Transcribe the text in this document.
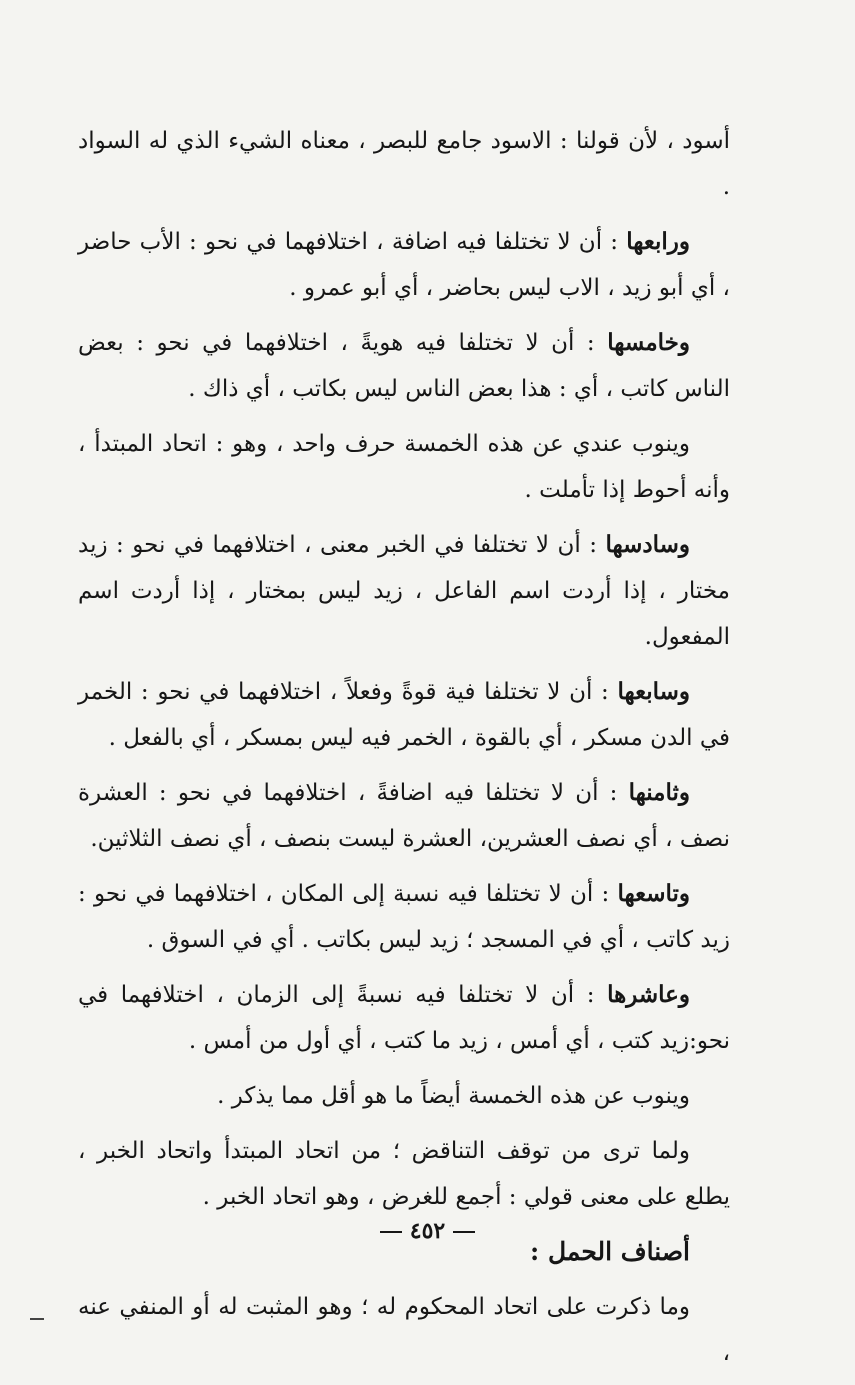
أسود ، لأن قولنا : الاسود جامع للبصر ، معناه الشيء الذي له السواد .

ورابعها : أن لا تختلفا فيه اضافة ، اختلافهما في نحو : الأب حاضر ، أي أبو زيد ، الاب ليس بحاضر ، أي أبو عمرو .

وخامسها : أن لا تختلفا فيه هويةً ، اختلافهما في نحو : بعض الناس كاتب ، أي : هذا بعض الناس ليس بكاتب ، أي ذاك .

وينوب عندي عن هذه الخمسة حرف واحد ، وهو : اتحاد المبتدأ ، وأنه أحوط إذا تأملت .

وسادسها : أن لا تختلفا في الخبر معنى ، اختلافهما في نحو : زيد مختار ، إذا أردت اسم الفاعل ، زيد ليس بمختار ، إذا أردت اسم المفعول.

وسابعها : أن لا تختلفا فية قوةً وفعلاً ، اختلافهما في نحو : الخمر في الدن مسكر ، أي بالقوة ، الخمر فيه ليس بمسكر ، أي بالفعل .

وثامنها : أن لا تختلفا فيه اضافةً ، اختلافهما في نحو : العشرة نصف ، أي نصف العشرين، العشرة ليست بنصف ، أي نصف الثلاثين.

وتاسعها : أن لا تختلفا فيه نسبة إلى المكان ، اختلافهما في نحو : زيد كاتب ، أي في المسجد ؛ زيد ليس بكاتب . أي في السوق .

وعاشرها : أن لا تختلفا فيه نسبةً إلى الزمان ، اختلافهما في نحو:زيد كتب ، أي أمس ، زيد ما كتب ، أي أول من أمس .

وينوب عن هذه الخمسة أيضاً ما هو أقل مما يذكر .

ولما ترى من توقف التناقض ؛ من اتحاد المبتدأ واتحاد الخبر ، يطلع على معنى قولي : أجمع للغرض ، وهو اتحاد الخبر .

أصناف الحمل :

وما ذكرت على اتحاد المحكوم له ؛ وهو المثبت له أو المنفي عنه ،

٤٥٢
